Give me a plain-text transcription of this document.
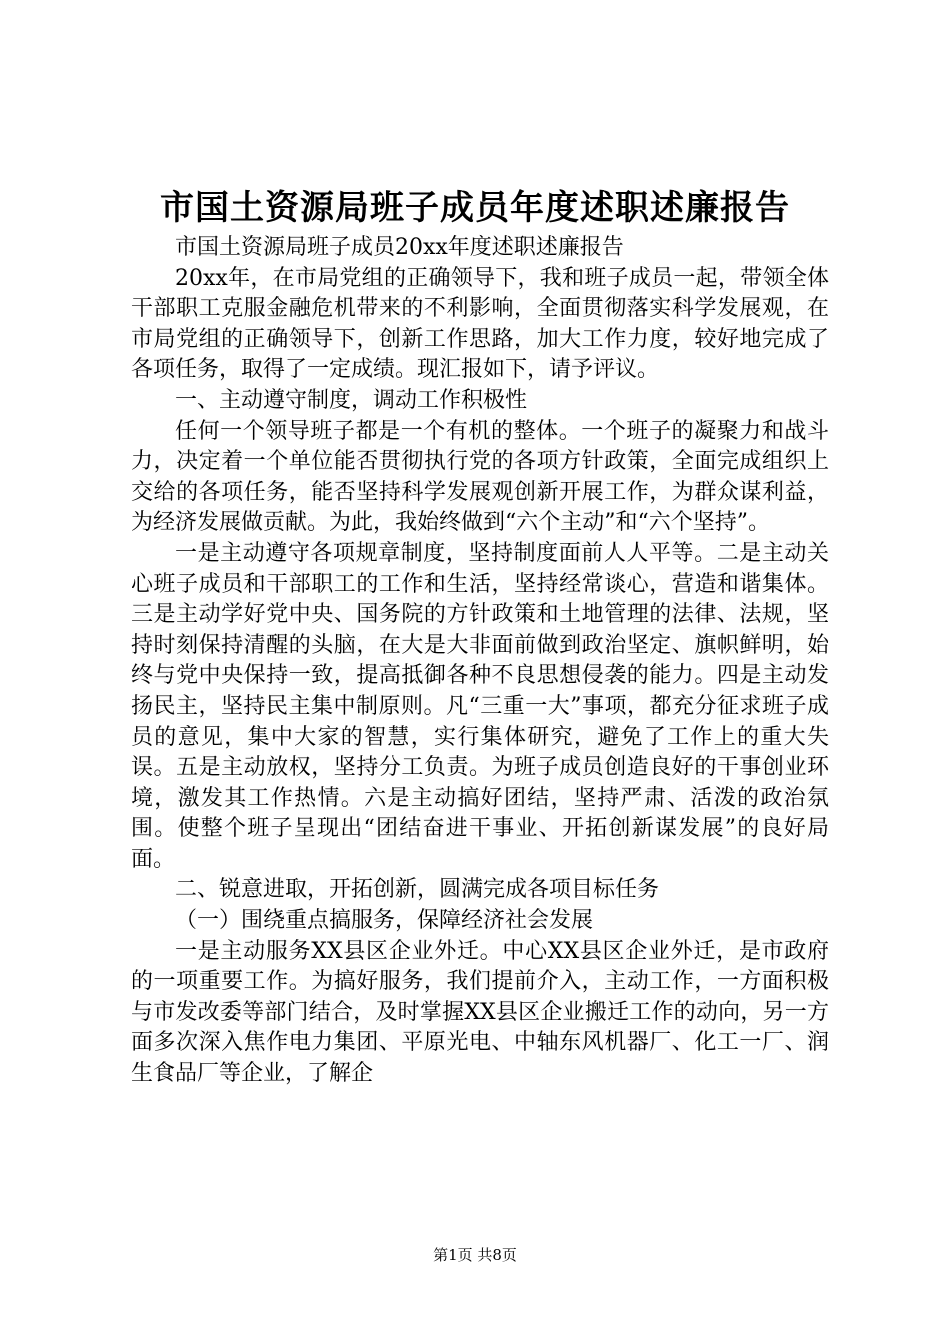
市国土资源局班子成员年度述职述廉报告

市国土资源局班子成员20xx年度述职述廉报告

20xx年，在市局党组的正确领导下，我和班子成员一起，带领全体干部职工克服金融危机带来的不利影响，全面贯彻落实科学发展观，在市局党组的正确领导下，创新工作思路，加大工作力度，较好地完成了各项任务，取得了一定成绩。现汇报如下，请予评议。

一、主动遵守制度，调动工作积极性

任何一个领导班子都是一个有机的整体。一个班子的凝聚力和战斗力，决定着一个单位能否贯彻执行党的各项方针政策，全面完成组织上交给的各项任务，能否坚持科学发展观创新开展工作，为群众谋利益，为经济发展做贡献。为此，我始终做到“六个主动”和“六个坚持”。

一是主动遵守各项规章制度，坚持制度面前人人平等。二是主动关心班子成员和干部职工的工作和生活，坚持经常谈心，营造和谐集体。三是主动学好党中央、国务院的方针政策和土地管理的法律、法规，坚持时刻保持清醒的头脑，在大是大非面前做到政治坚定、旗帜鲜明，始终与党中央保持一致，提高抵御各种不良思想侵袭的能力。四是主动发扬民主，坚持民主集中制原则。凡“三重一大”事项，都充分征求班子成员的意见，集中大家的智慧，实行集体研究，避免了工作上的重大失误。五是主动放权，坚持分工负责。为班子成员创造良好的干事创业环境，激发其工作热情。六是主动搞好团结，坚持严肃、活泼的政治氛围。使整个班子呈现出“团结奋进干事业、开拓创新谋发展”的良好局面。

二、锐意进取，开拓创新，圆满完成各项目标任务

（一）围绕重点搞服务，保障经济社会发展

一是主动服务XX县区企业外迁。中心XX县区企业外迁，是市政府的一项重要工作。为搞好服务，我们提前介入，主动工作，一方面积极与市发改委等部门结合，及时掌握XX县区企业搬迁工作的动向，另一方面多次深入焦作电力集团、平原光电、中轴东风机器厂、化工一厂、润生食品厂等企业，了解企

第1页 共8页
